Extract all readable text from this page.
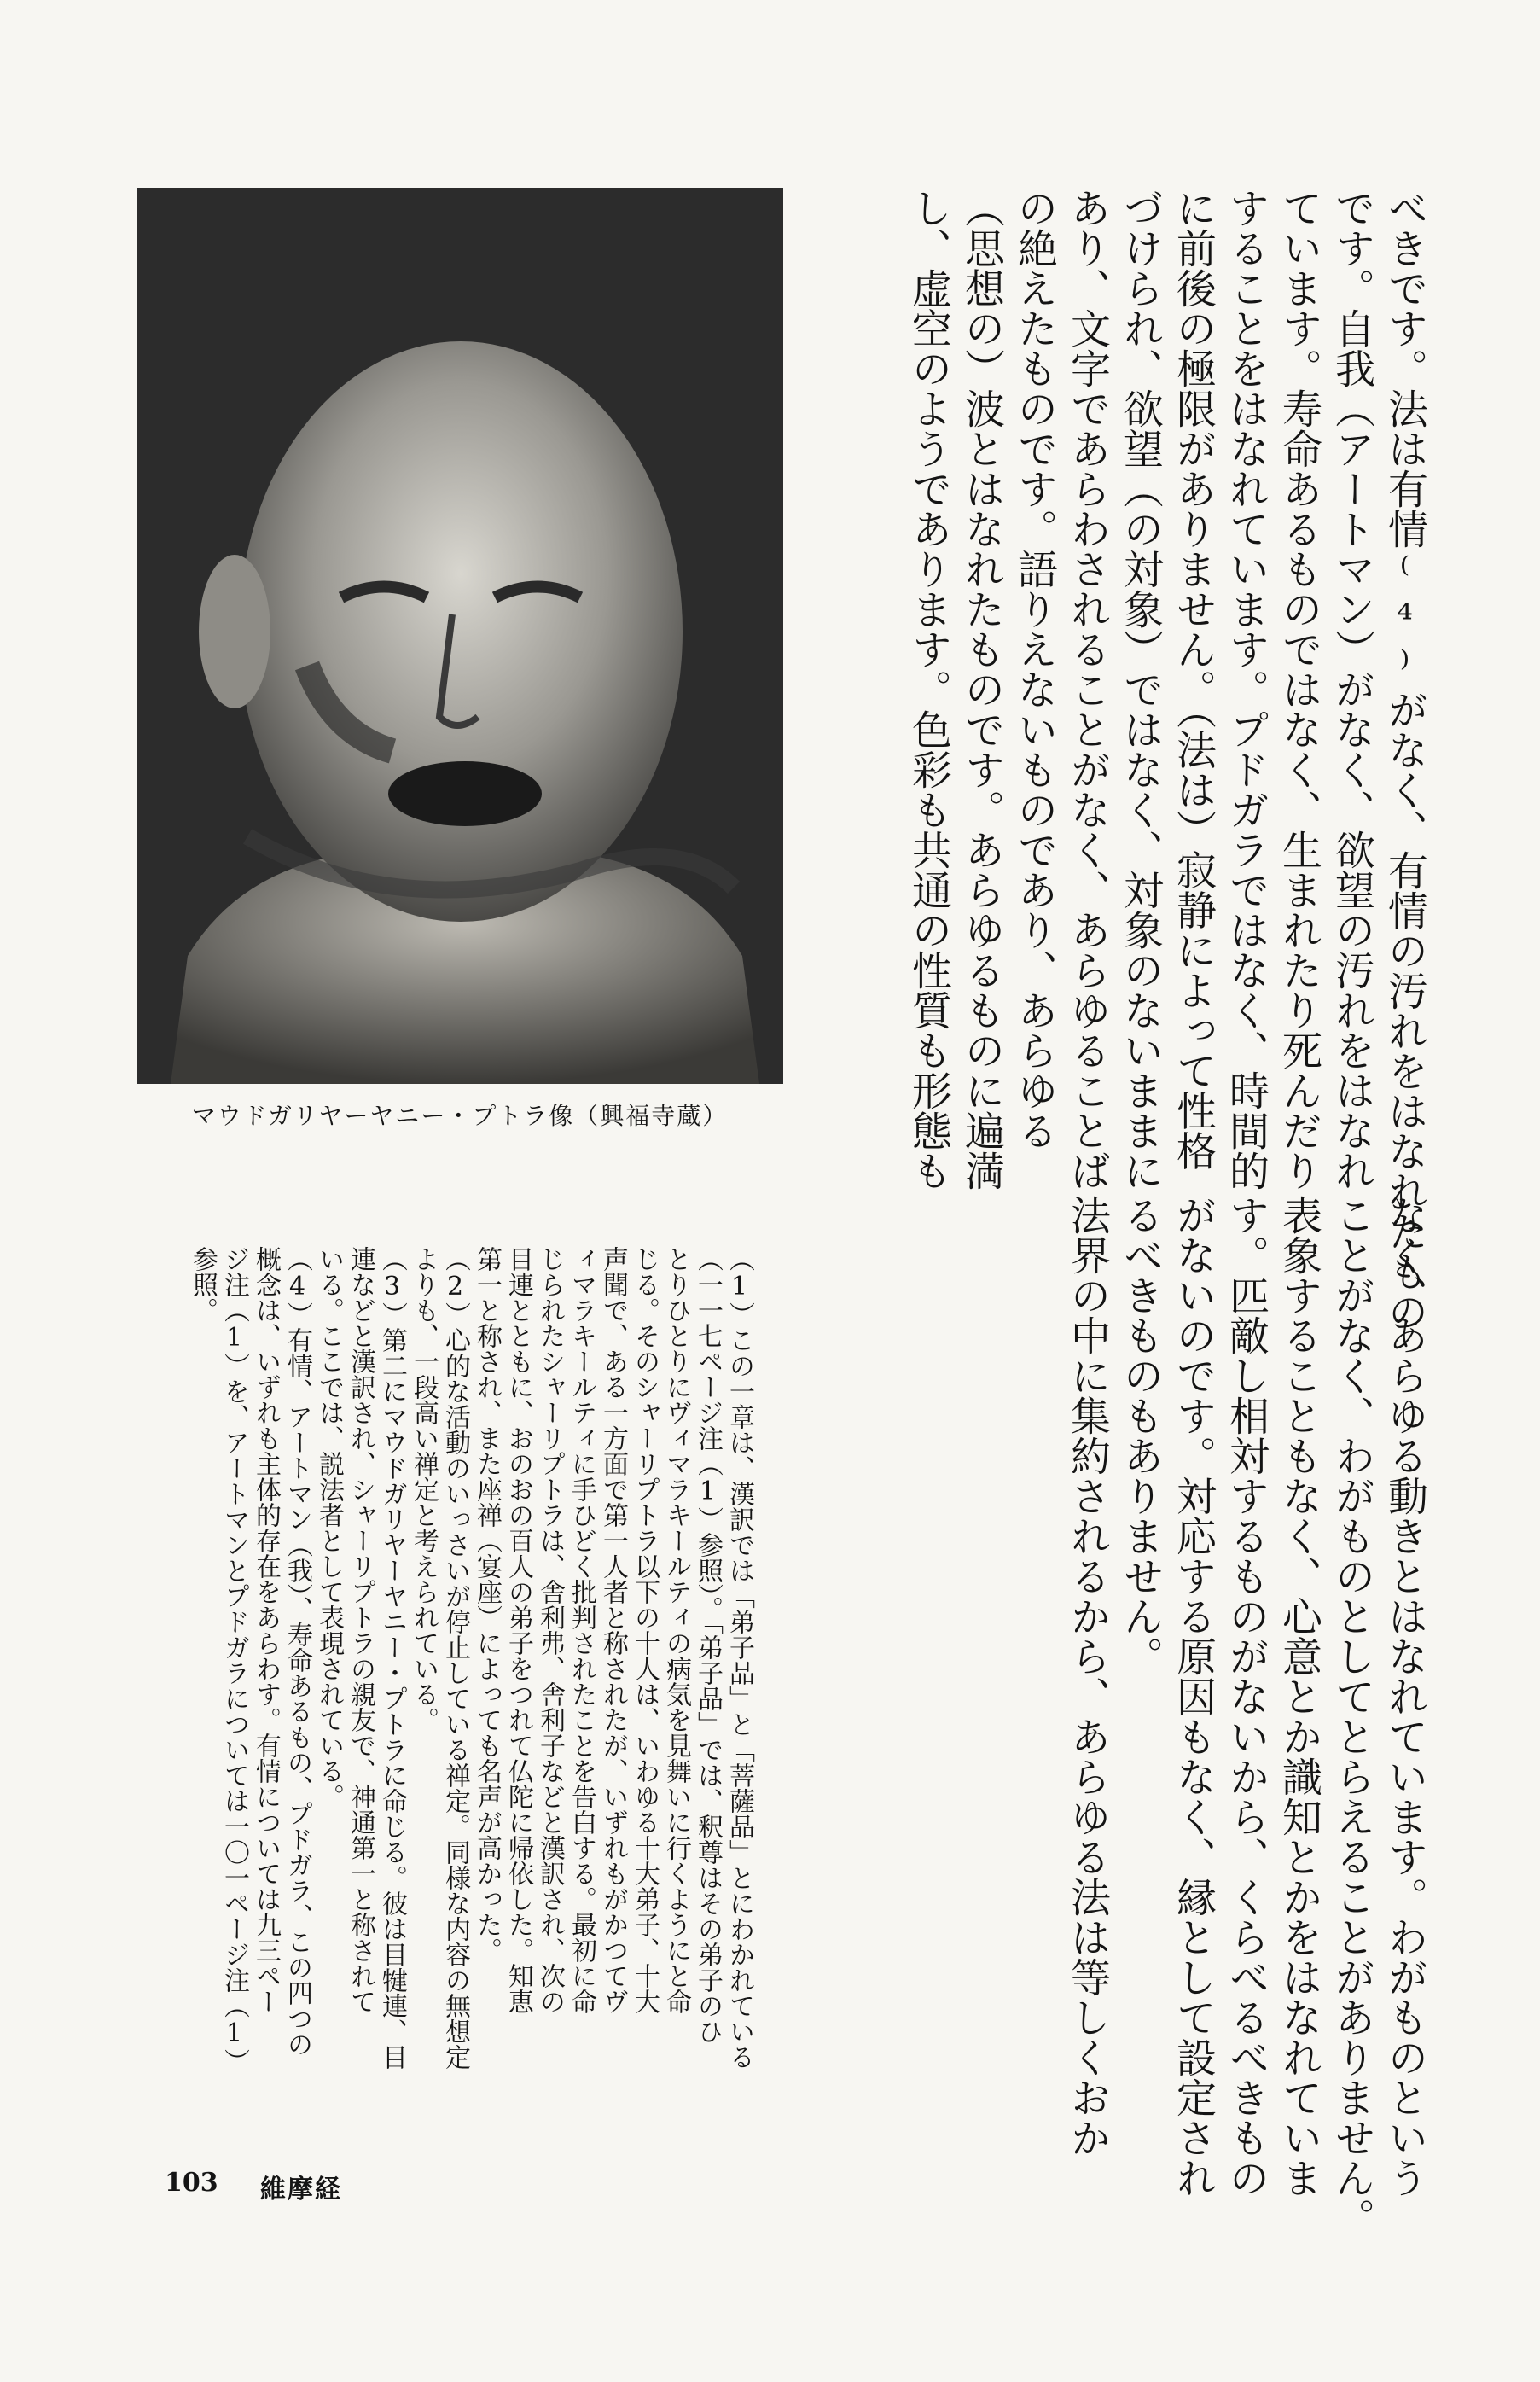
べきです。法は有情⁽⁴⁾がなく、有情の汚れをはなれたもの
です。自我（アートマン）がなく、欲望の汚れをはなれ
ています。寿命あるものではなく、生まれたり死んだり
することをはなれています。プドガラではなく、時間的
に前後の極限がありません。（法は）寂静によって性格
づけられ、欲望（の対象）ではなく、対象のないままに
あり、文字であらわされることがなく、あらゆることば
の絶えたものです。語りえないものであり、あらゆる
（思想の）波とはなれたものです。あらゆるものに遍満
し、虚空のようであります。色彩も共通の性質も形態も
マウドガリヤーヤニー・プトラ像（興福寺蔵）
なく、あらゆる動きとはなれています。わがものという
ことがなく、わがものとしてとらえることがありません。
表象することもなく、心意とか識知とかをはなれていま
す。匹敵し相対するものがないから、くらべるべきもの
がないのです。対応する原因もなく、縁として設定され
るべきものもありません。
法界の中に集約されるから、あらゆる法は等しくおか
（1）この一章は、漢訳では「弟子品」と「菩薩品」とにわかれている
（一一七ページ注（1）参照）。「弟子品」では、釈尊はその弟子のひ
とりひとりにヴィマラキールティの病気を見舞いに行くようにと命
じる。そのシャーリプトラ以下の十人は、いわゆる十大弟子、十大
声聞で、ある一方面で第一人者と称されたが、いずれもがかつてヴ
ィマラキールティに手ひどく批判されたことを告白する。最初に命
じられたシャーリプトラは、舎利弗、舎利子などと漢訳され、次の
目連とともに、おのおの百人の弟子をつれて仏陀に帰依した。知恵
第一と称され、また座禅（宴座）によっても名声が高かった。
（2）心的な活動のいっさいが停止している禅定。同様な内容の無想定
よりも、一段高い禅定と考えられている。
（3）第二にマウドガリヤーヤニー・プトラに命じる。彼は目犍連、目
連などと漢訳され、シャーリプトラの親友で、神通第一と称されて
いる。ここでは、説法者として表現されている。
（4）有情、アートマン（我）、寿命あるもの、プドガラ、この四つの
概念は、いずれも主体的存在をあらわす。有情については九三ペー
ジ注（1）を、アートマンとプドガラについては一〇一ページ注（1）
参照。
103 維摩経
